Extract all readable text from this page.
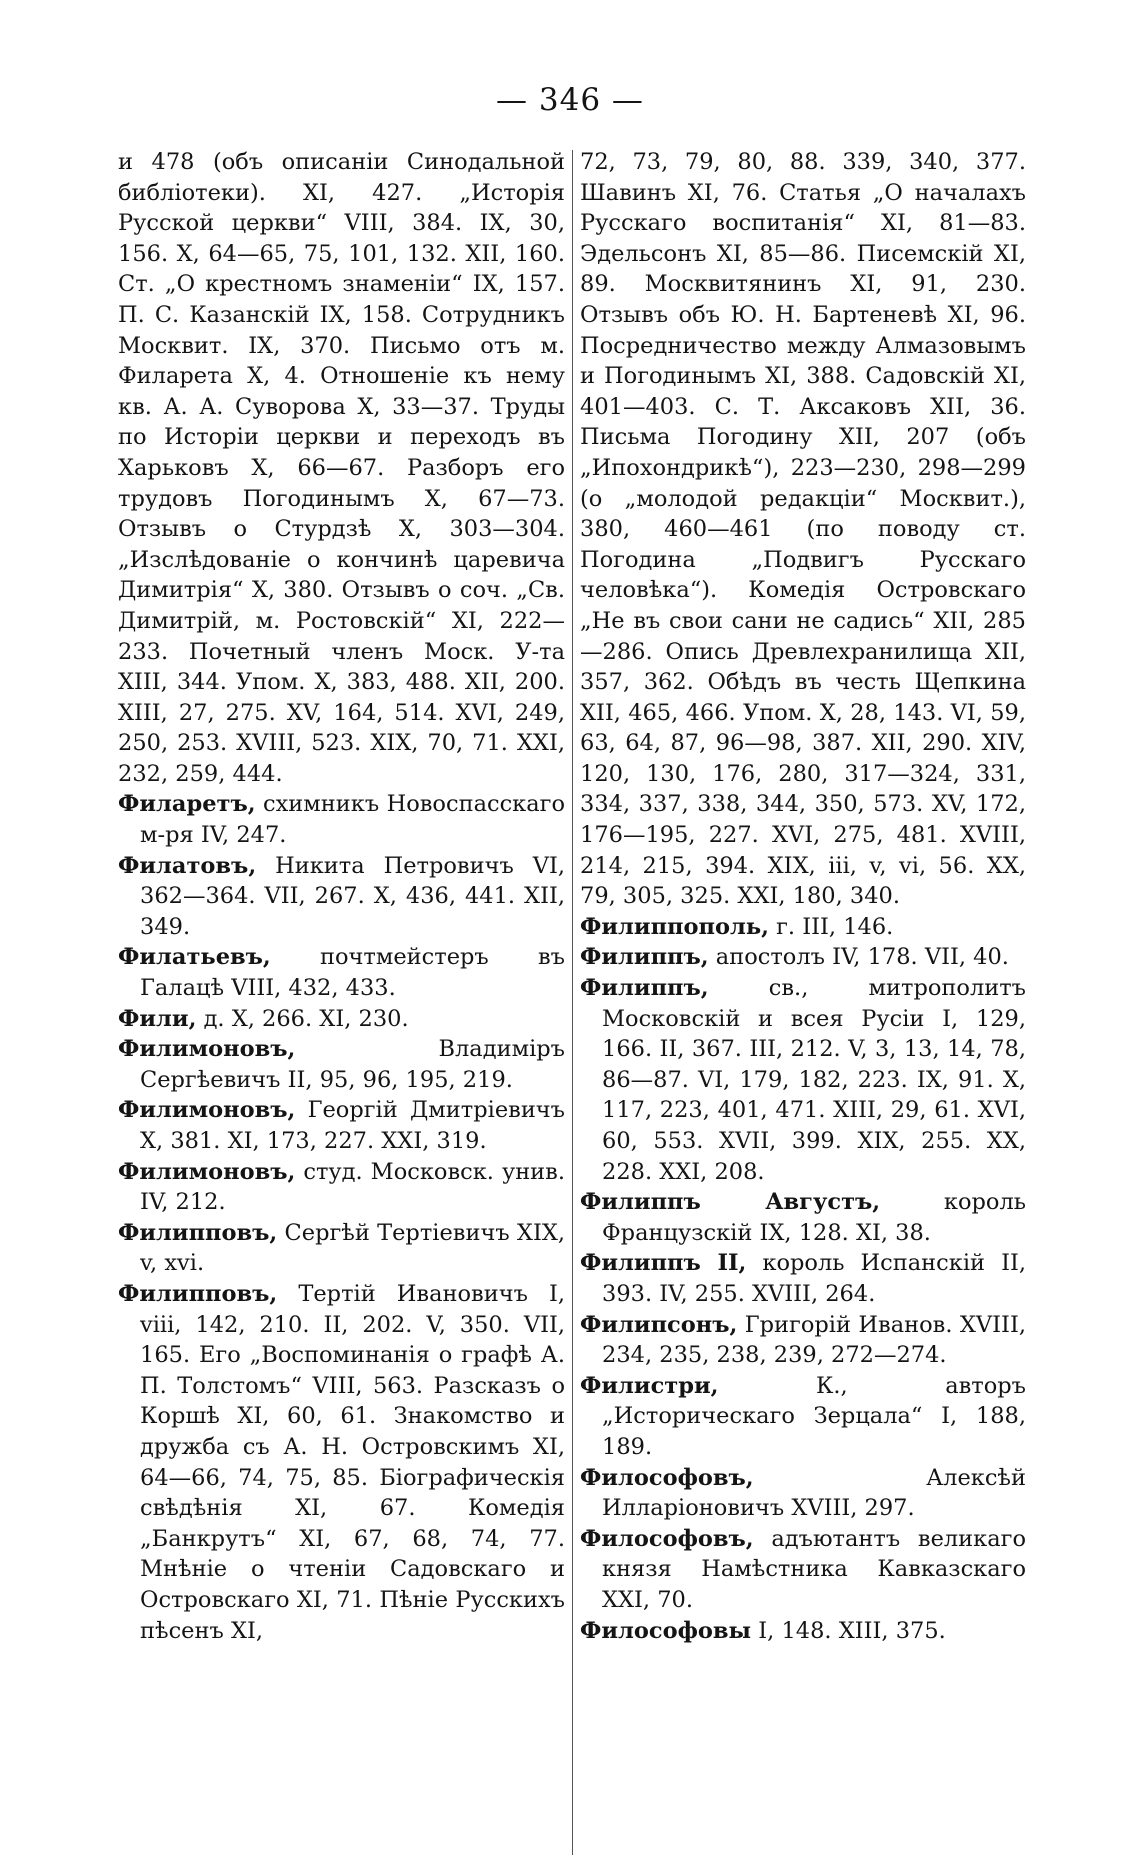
— 346 —

и 478 (объ описаніи Синодальной библіотеки). XI, 427. „Исторія Русской церкви“ VIII, 384. IX, 30, 156. X, 64—65, 75, 101, 132. XII, 160. Ст. „О крестномъ знаменіи“ IX, 157. П. С. Казанскій IX, 158. Сотрудникъ Москвит. IX, 370. Письмо отъ м. Филарета X, 4. Отношеніе къ нему кв. А. А. Суворова X, 33—37. Труды по Исторіи церкви и переходъ въ Харьковъ X, 66—67. Разборъ его трудовъ Погодинымъ X, 67—73. Отзывъ о Стурдзѣ X, 303—304. „Изслѣдованіе о кончинѣ царевича Димитрія“ X, 380. Отзывъ о соч. „Св. Димитрій, м. Ростовскій“ XI, 222—233. Почетный членъ Моск. У-та XIII, 344. Упом. X, 383, 488. XII, 200. XIII, 27, 275. XV, 164, 514. XVI, 249, 250, 253. XVIII, 523. XIX, 70, 71. XXI, 232, 259, 444.

Филаретъ, схимникъ Новоспасскаго м-ря IV, 247.

Филатовъ, Никита Петровичъ VI, 362—364. VII, 267. X, 436, 441. XII, 349.

Филатьевъ, почтмейстеръ въ Галацѣ VIII, 432, 433.

Фили, д. X, 266. XI, 230.

Филимоновъ, Владиміръ Сергѣевичъ II, 95, 96, 195, 219.

Филимоновъ, Георгій Дмитріевичъ X, 381. XI, 173, 227. XXI, 319.

Филимоновъ, студ. Московск. унив. IV, 212.

Филипповъ, Сергѣй Тертіевичъ XIX, v, xvi.

Филипповъ, Тертій Ивановичъ I, viii, 142, 210. II, 202. V, 350. VII, 165. Его „Воспоминанія о графѣ А. П. Толстомъ“ VIII, 563. Разсказъ о Коршѣ XI, 60, 61. Знакомство и дружба съ А. Н. Островскимъ XI, 64—66, 74, 75, 85. Біографическія свѣдѣнія XI, 67. Комедія „Банкрутъ“ XI, 67, 68, 74, 77. Мнѣніе о чтеніи Садовскаго и Островскаго XI, 71. Пѣніе Русскихъ пѣсенъ XI,

72, 73, 79, 80, 88. 339, 340, 377. Шавинъ XI, 76. Статья „О началахъ Русскаго воспитанія“ XI, 81—83. Эдельсонъ XI, 85—86. Писемскій XI, 89. Москвитянинъ XI, 91, 230. Отзывъ объ Ю. Н. Бартеневѣ XI, 96. Посредничество между Алмазовымъ и Погодинымъ XI, 388. Садовскій XI, 401—403. С. Т. Аксаковъ XII, 36. Письма Погодину XII, 207 (объ „Ипохондрикѣ“), 223—230, 298—299 (о „молодой редакціи“ Москвит.), 380, 460—461 (по поводу ст. Погодина „Подвигъ Русскаго человѣка“). Комедія Островскаго „Не въ свои сани не садись“ XII, 285—286. Опись Древлехранилища XII, 357, 362. Обѣдъ въ честь Щепкина XII, 465, 466. Упом. X, 28, 143. VI, 59, 63, 64, 87, 96—98, 387. XII, 290. XIV, 120, 130, 176, 280, 317—324, 331, 334, 337, 338, 344, 350, 573. XV, 172, 176—195, 227. XVI, 275, 481. XVIII, 214, 215, 394. XIX, iii, v, vi, 56. XX, 79, 305, 325. XXI, 180, 340.

Филиппополь, г. III, 146.

Филиппъ, апостолъ IV, 178. VII, 40.

Филиппъ, св., митрополитъ Московскій и всея Русіи I, 129, 166. II, 367. III, 212. V, 3, 13, 14, 78, 86—87. VI, 179, 182, 223. IX, 91. X, 117, 223, 401, 471. XIII, 29, 61. XVI, 60, 553. XVII, 399. XIX, 255. XX, 228. XXI, 208.

Филиппъ Августъ, король Французскій IX, 128. XI, 38.

Филиппъ II, король Испанскій II, 393. IV, 255. XVIII, 264.

Филипсонъ, Григорій Иванов. XVIII, 234, 235, 238, 239, 272—274.

Филистри, К., авторъ „Историческаго Зерцала“ I, 188, 189.

Философовъ, Алексѣй Илларіоновичъ XVIII, 297.

Философовъ, адъютантъ великаго князя Намѣстника Кавказскаго XXI, 70.

Философовы I, 148. XIII, 375.
